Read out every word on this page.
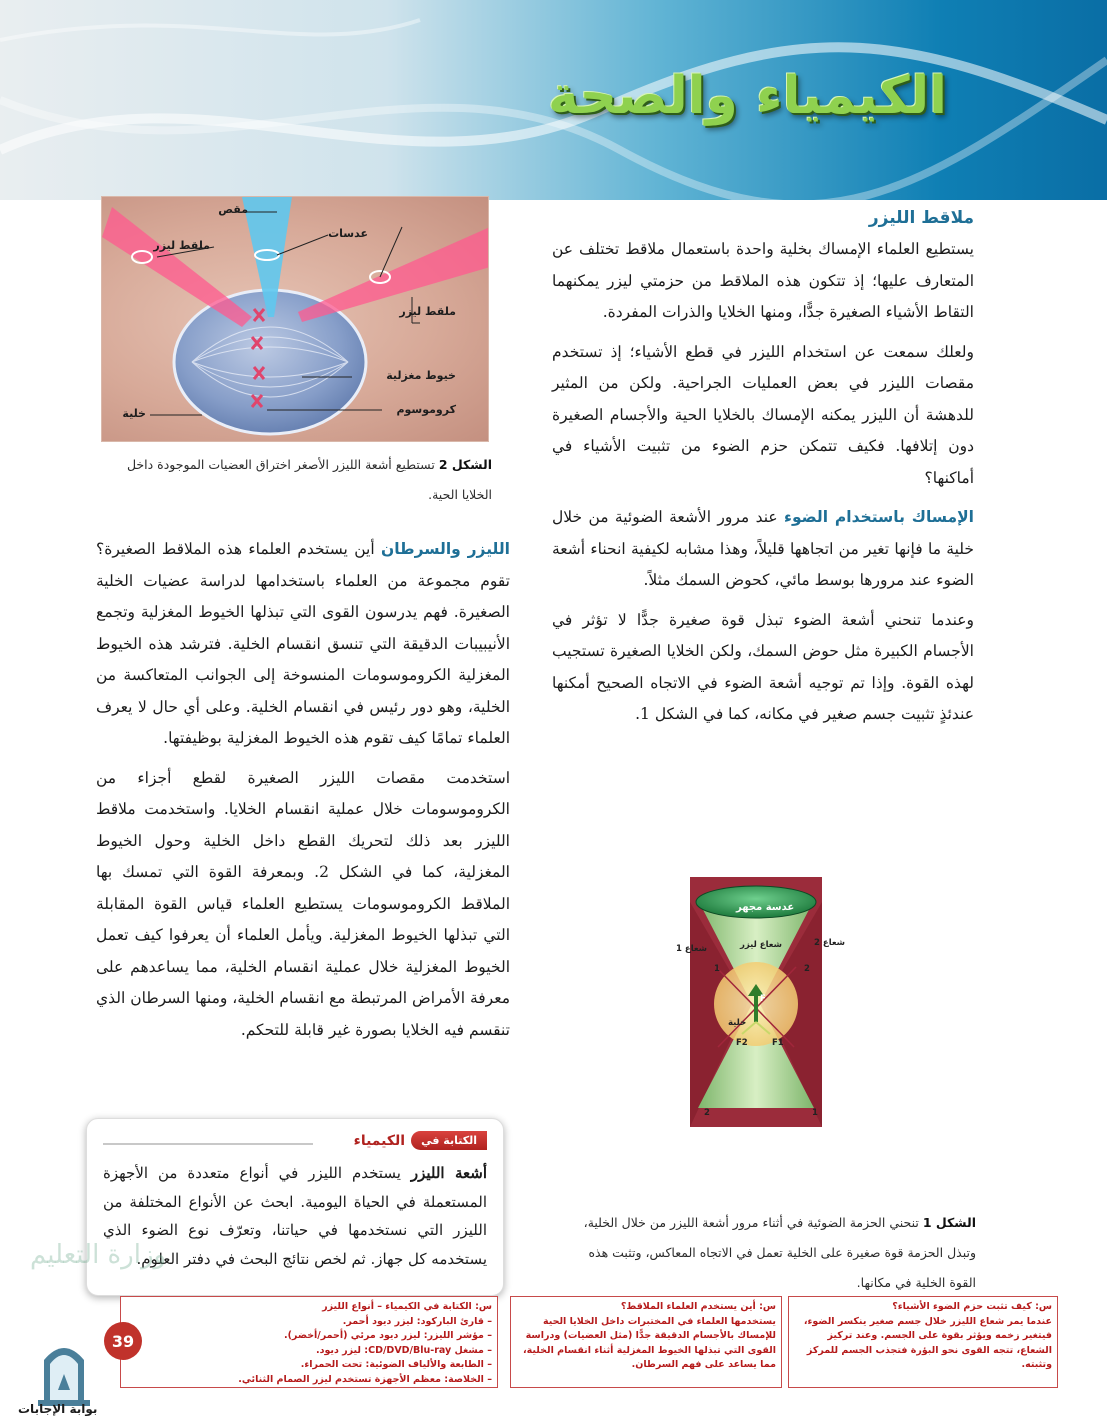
الكيمياء والصحة
ملاقط الليزر

يستطيع العلماء الإمساك بخلية واحدة باستعمال ملاقط تختلف عن المتعارف عليها؛ إذ تتكون هذه الملاقط من حزمتي ليزر يمكنهما التقاط الأشياء الصغيرة جدًّا، ومنها الخلايا والذرات المفردة.

ولعلك سمعت عن استخدام الليزر في قطع الأشياء؛ إذ تستخدم مقصات الليزر في بعض العمليات الجراحية. ولكن من المثير للدهشة أن الليزر يمكنه الإمساك بالخلايا الحية والأجسام الصغيرة دون إتلافها. فكيف تتمكن حزم الضوء من تثبيت الأشياء في أماكنها؟

الإمساك باستخدام الضوء عند مرور الأشعة الضوئية من خلال خلية ما فإنها تغير من اتجاهها قليلاً، وهذا مشابه لكيفية انحناء أشعة الضوء عند مرورها بوسط مائي، كحوض السمك مثلاً.

وعندما تنحني أشعة الضوء تبذل قوة صغيرة جدًّا لا تؤثر في الأجسام الكبيرة مثل حوض السمك، ولكن الخلايا الصغيرة تستجيب لهذه القوة. وإذا تم توجيه أشعة الضوء في الاتجاه الصحيح أمكنها عندئذٍ تثبيت جسم صغير في مكانه، كما في الشكل 1.

مقص
عدسات
ملقط ليزر
ملقط ليزر
خيوط مغزلية
كروموسوم
خلية
الشكل 2 تستطيع أشعة الليزر الأصغر اختراق العضيات الموجودة داخل الخلايا الحية.

الليزر والسرطان أين يستخدم العلماء هذه الملاقط الصغيرة؟ تقوم مجموعة من العلماء باستخدامها لدراسة عضيات الخلية الصغيرة. فهم يدرسون القوى التي تبذلها الخيوط المغزلية وتجمع الأنيبيبات الدقيقة التي تنسق انقسام الخلية. فترشد هذه الخيوط المغزلية الكروموسومات المنسوخة إلى الجوانب المتعاكسة من الخلية، وهو دور رئيس في انقسام الخلية. وعلى أي حال لا يعرف العلماء تمامًا كيف تقوم هذه الخيوط المغزلية بوظيفتها.

استخدمت مقصات الليزر الصغيرة لقطع أجزاء من الكروموسومات خلال عملية انقسام الخلايا. واستخدمت ملاقط الليزر بعد ذلك لتحريك القطع داخل الخلية وحول الخيوط المغزلية، كما في الشكل 2. وبمعرفة القوة التي تمسك بها الملاقط الكروموسومات يستطيع العلماء قياس القوة المقابلة التي تبذلها الخيوط المغزلية. ويأمل العلماء أن يعرفوا كيف تعمل الخيوط المغزلية خلال عملية انقسام الخلية، مما يساعدهم على معرفة الأمراض المرتبطة مع انقسام الخلية، ومنها السرطان الذي تنقسم فيه الخلايا بصورة غير قابلة للتحكم.

عدسة مجهر
شعاع ليزر
شعاع 1
شعاع 2
خلية
1	2
2	1
F
F2	F1
الشكل 1 تنحني الحزمة الضوئية في أثناء مرور أشعة الليزر من خلال الخلية، وتبذل الحزمة قوة صغيرة على الخلية تعمل في الاتجاه المعاكس، وتثبت هذه القوة الخلية في مكانها.
الكتابة في
الكيمياء

أشعة الليزر يستخدم الليزر في أنواع متعددة من الأجهزة المستعملة في الحياة اليومية. ابحث عن الأنواع المختلفة من الليزر التي نستخدمها في حياتنا، وتعرّف نوع الضوء الذي يستخدمه كل جهاز. ثم لخص نتائج البحث في دفتر العلوم.

وزارة التعليم
س: الكتابة في الكيمياء – أنواع الليزر
– قارئ الباركود: ليزر ديود أحمر.
– مؤشر الليزر: ليزر ديود مرئي (أحمر/أخضر).
– مشغل CD/DVD/Blu-ray: ليزر ديود.
– الطابعة والألياف الضوئية: تحت الحمراء.
– الخلاصة: معظم الأجهزة تستخدم ليزر الصمام الثنائي.
س: أين يستخدم العلماء الملاقط؟
يستخدمها العلماء في المختبرات داخل الخلايا الحية للإمساك بالأجسام الدقيقة جدًّا (مثل العضيات) ودراسة القوى التي تبذلها الخيوط المغزلية أثناء انقسام الخلية، مما يساعد على فهم السرطان.
س: كيف تثبت حزم الضوء الأشياء؟
عندما يمر شعاع الليزر خلال جسم صغير ينكسر الضوء، فيتغير زخمه ويؤثر بقوة على الجسم. وعند تركيز الشعاع، تتجه القوى نحو البؤرة فتجذب الجسم للمركز وتثبته.
39
بوابة الإجابات
